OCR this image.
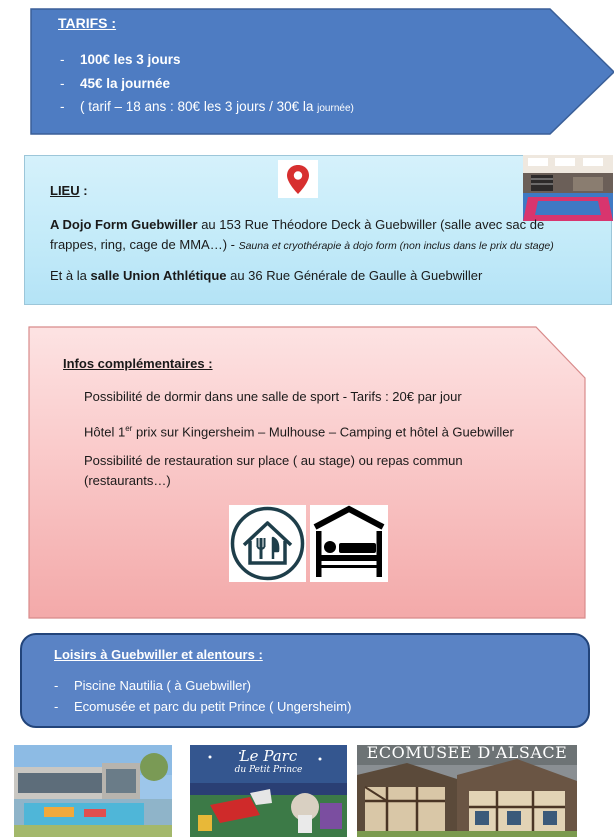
TARIFS :
- 100€ les 3 jours
- 45€ la journée
- ( tarif – 18 ans : 80€ les 3 jours / 30€ la journée)
LIEU :
A Dojo Form Guebwiller au 153 Rue Théodore Deck à Guebwiller (salle avec sac de frappes, ring, cage de MMA…) - Sauna et cryothérapie à dojo form (non inclus dans le prix du stage)
Et à la salle Union Athlétique au 36 Rue Générale de Gaulle à Guebwiller
Infos complémentaires :
Possibilité de dormir dans une salle de sport - Tarifs : 20€ par jour
Hôtel 1er prix sur Kingersheim – Mulhouse – Camping et hôtel à Guebwiller
Possibilité de restauration sur place ( au stage) ou repas commun (restaurants…)
Loisirs à Guebwiller et alentours :
- Piscine Nautilia ( à Guebwiller)
- Ecomusée et parc du petit Prince ( Ungersheim)
Le Parc
du Petit Prince
ECOMUSEE D'ALSACE
